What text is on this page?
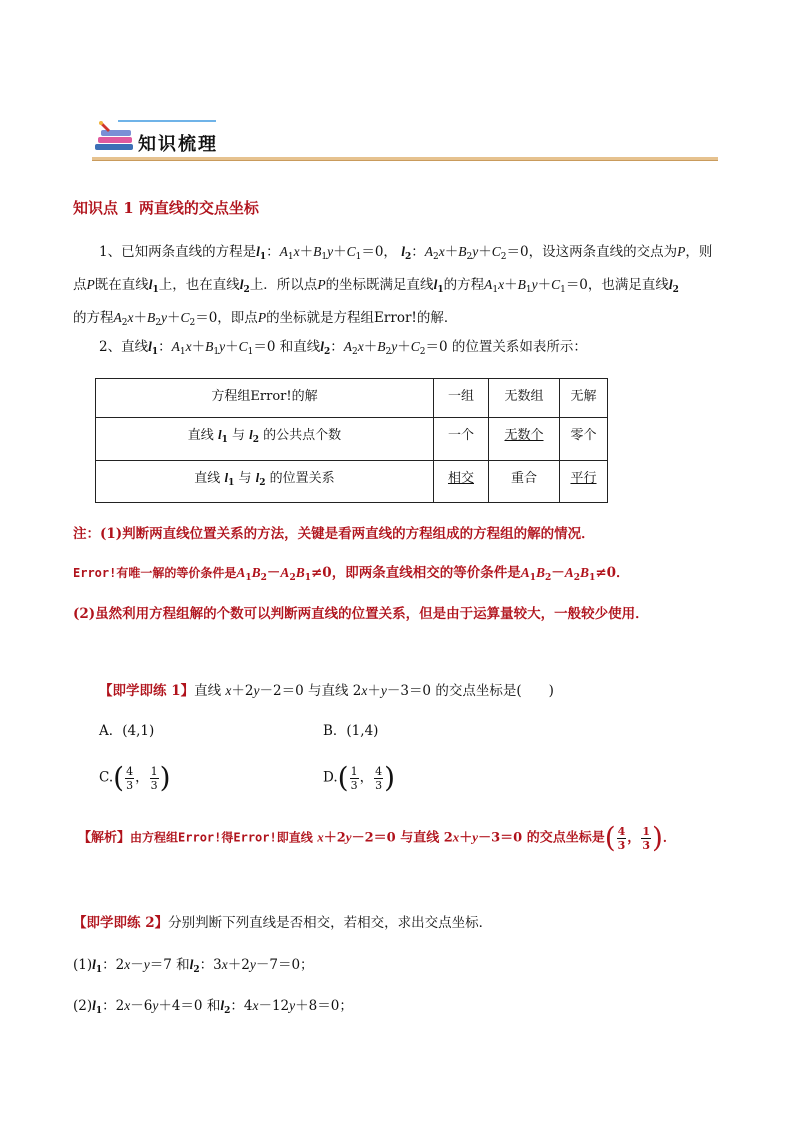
知识梳理
知识点 1 两直线的交点坐标
1、已知两条直线的方程是$l_1$：$A_1x+B_1y+C_1=0$， $l_2$：$A_2x+B_2y+C_2=0$，设这两条直线的交点为P，则
点P既在直线$l_1$上，也在直线$l_2$上．所以点P的坐标既满足直线$l_1$的方程$A_1x+B_1y+C_1=0$，也满足直线$l_2$
的方程$A_2x+B_2y+C_2=0$，即点P的坐标就是方程组Error!的解．
2、直线$l_1$：$A_1x+B_1y+C_1=0$ 和直线$l_2$：$A_2x+B_2y+C_2=0$ 的位置关系如表所示：
方程组Error!的解	一组	无数组	无解
直线 $l_1$ 与 $l_2$ 的公共点个数	一个	无数个	零个
直线 $l_1$ 与 $l_2$ 的位置关系	相交	重合	平行
注：(1)判断两直线位置关系的方法，关键是看两直线的方程组成的方程组的解的情况．
Error!有唯一解的等价条件是$A_1B_2-A_2B_1\ne 0$，即两条直线相交的等价条件是$A_1B_2-A_2B_1\ne 0$．
(2)虽然利用方程组解的个数可以判断两直线的位置关系，但是由于运算量较大，一般较少使用．
【即学即练 1】直线 x＋2y－2＝0 与直线 2x＋y－3＝0 的交点坐标是(　　)
A．(4,1)	B．(1,4)
$C.( \frac{4}{3}$ ， $\frac{1}{3}$ )	$D.( \frac{1}{3}$ ， $\frac{4}{3}$ )
【解析】由方程组Error!得Error!即直线 x＋2y－2＝0 与直线 2x＋y－3＝0 的交点坐标是( $\frac{4}{3}$ ， $\frac{1}{3}$ )．
【即学即练 2】分别判断下列直线是否相交，若相交，求出交点坐标．
$(1)l_1$：2x－y＝7 和$l_2$：3x＋2y－7＝0；
$(2)l_1$：2x－6y＋4＝0 和$l_2$：4x－12y＋8＝0；
